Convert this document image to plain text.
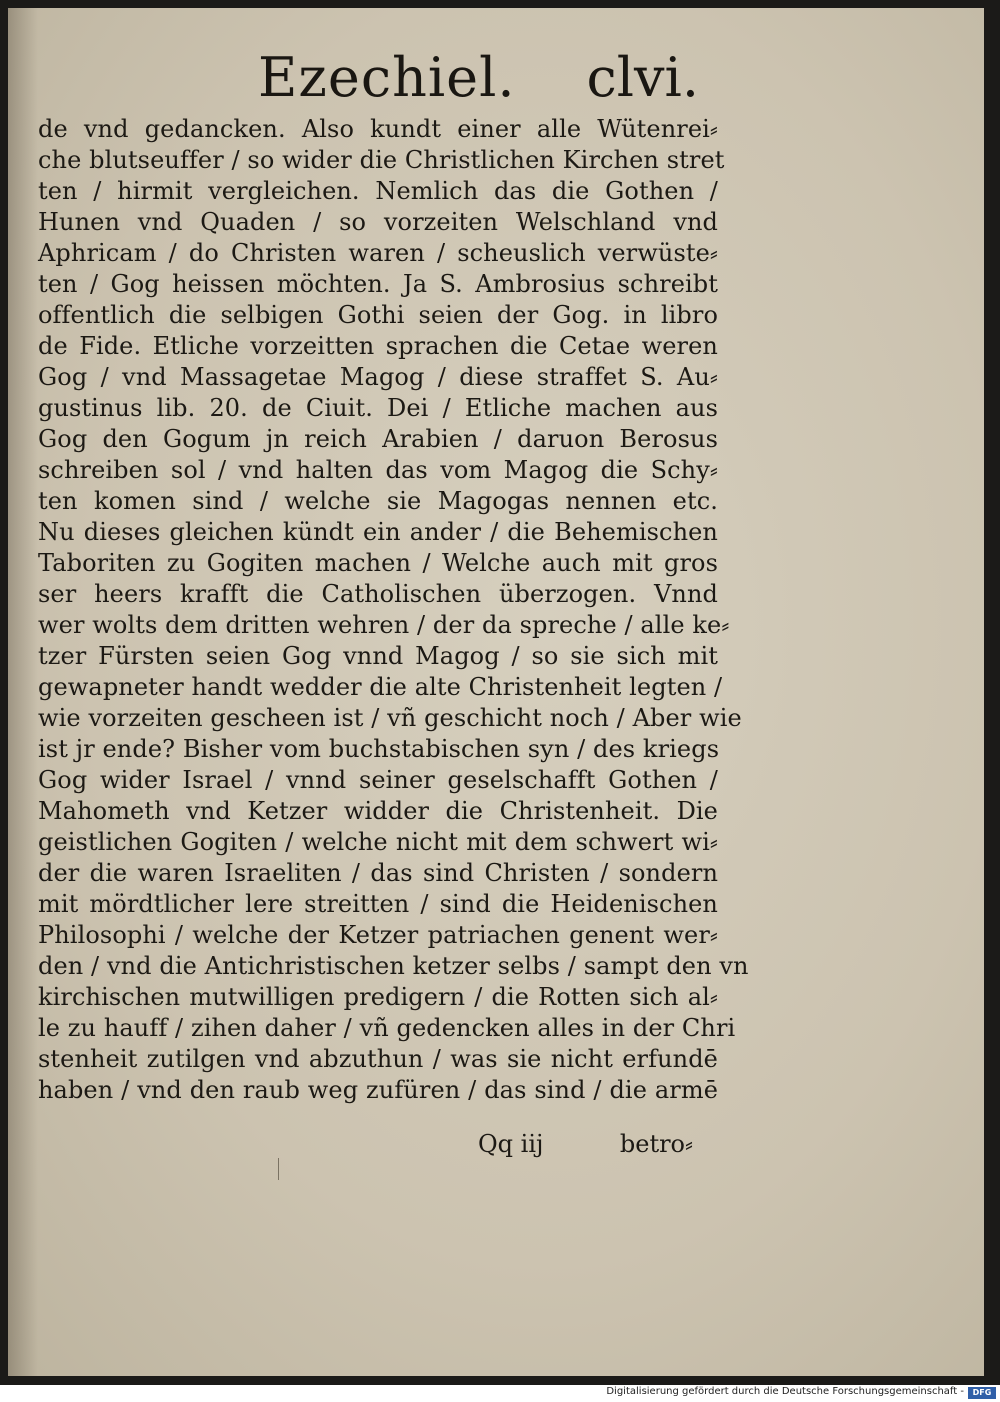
Ezechiel. clvi.
de vnd gedancken. Also kundt einer alle Wütenrei⸗
che blutseuffer / so wider die Christlichen Kirchen stret
ten / hirmit vergleichen. Nemlich das die Gothen /
Hunen vnd Quaden / so vorzeiten Welschland vnd
Aphricam / do Christen waren / scheuslich verwüste⸗
ten / Gog heissen möchten. Ja S. Ambrosius schreibt
offentlich die selbigen Gothi seien der Gog. in libro
de Fide. Etliche vorzeitten sprachen die Cetae weren
Gog / vnd Massagetae Magog / diese straffet S. Au⸗
gustinus lib. 20. de Ciuit. Dei / Etliche machen aus
Gog den Gogum jn reich Arabien / daruon Berosus
schreiben sol / vnd halten das vom Magog die Schy⸗
ten komen sind / welche sie Magogas nennen etc.
Nu dieses gleichen kündt ein ander / die Behemischen
Taboriten zu Gogiten machen / Welche auch mit gros
ser heers krafft die Catholischen überzogen. Vnnd
wer wolts dem dritten wehren / der da spreche / alle ke⸗
tzer Fürsten seien Gog vnnd Magog / so sie sich mit
gewapneter handt wedder die alte Christenheit legten /
wie vorzeiten gescheen ist / vñ geschicht noch / Aber wie
ist jr ende? Bisher vom buchstabischen syn / des kriegs
Gog wider Israel / vnnd seiner geselschafft Gothen /
Mahometh vnd Ketzer widder die Christenheit. Die
geistlichen Gogiten / welche nicht mit dem schwert wi⸗
der die waren Israeliten / das sind Christen / sondern
mit mördtlicher lere streitten / sind die Heidenischen
Philosophi / welche der Ketzer patriachen genent wer⸗
den / vnd die Antichristischen ketzer selbs / sampt den vn
kirchischen mutwilligen predigern / die Rotten sich al⸗
le zu hauff / zihen daher / vñ gedencken alles in der Chri
stenheit zutilgen vnd abzuthun / was sie nicht erfundē
haben / vnd den raub weg zufüren / das sind / die armē
Qq iij	betro⸗
Digitalisierung gefördert durch die Deutsche Forschungsgemeinschaft -	DFG
